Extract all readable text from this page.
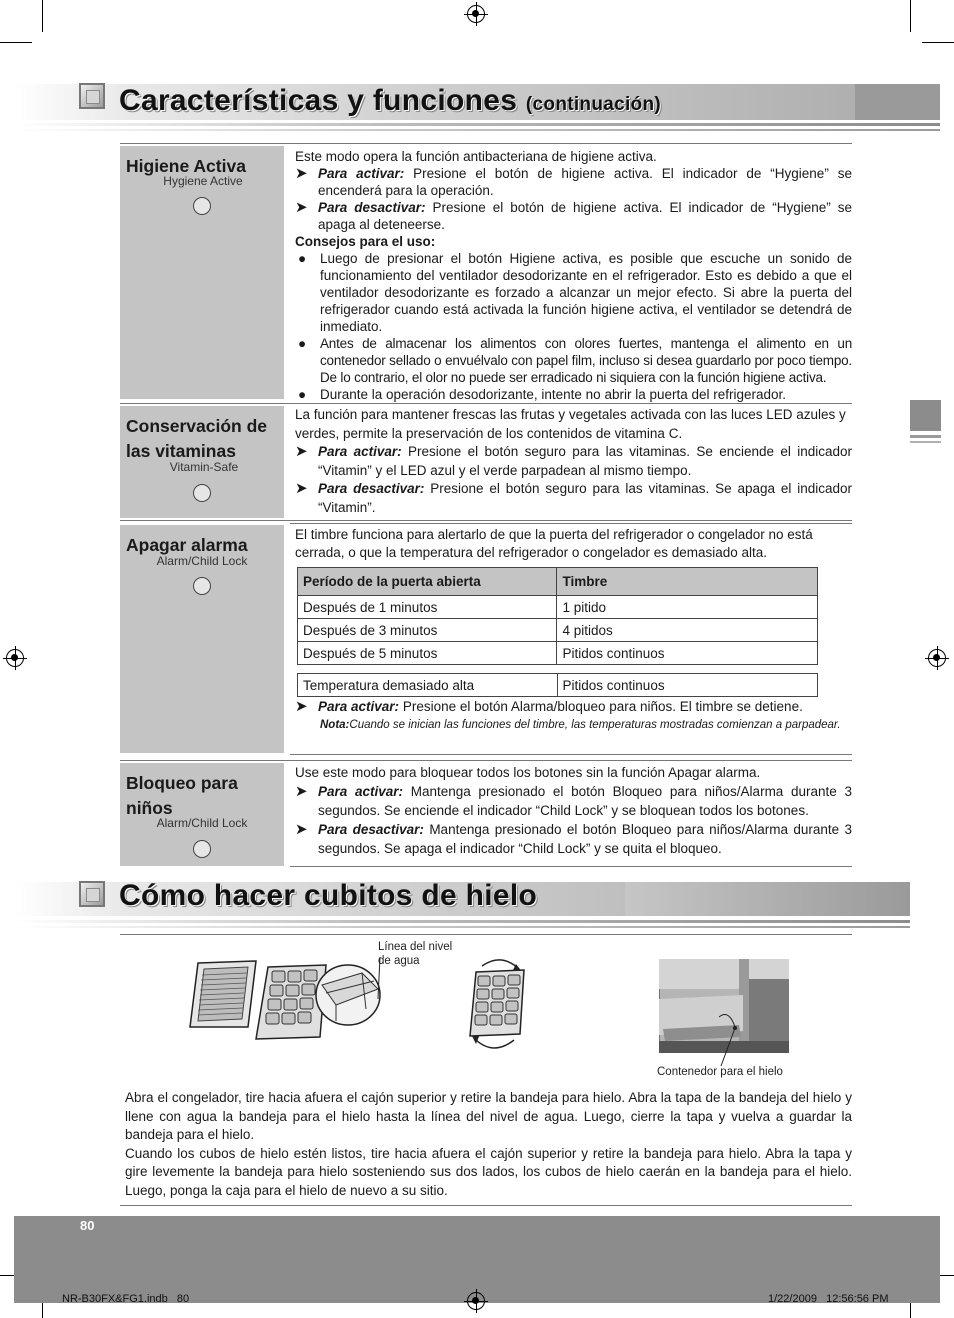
Características y funciones (continuación)
Higiene Activa
Hygiene Active

Este modo opera la función antibacteriana de higiene activa.

➤ Para activar: Presione el botón de higiene activa. El indicador de “Hygiene” se encenderá para la operación.

➤ Para desactivar: Presione el botón de higiene activa. El indicador de “Hygiene” se apaga al deteneerse.

Consejos para el uso:

● Luego de presionar el botón Higiene activa, es posible que escuche un sonido de funcionamiento del ventilador desodorizante en el refrigerador. Esto es debido a que el ventilador desodorizante es forzado a alcanzar un mejor efecto. Si abre la puerta del refrigerador cuando está activada la función higiene activa, el ventilador se detendrá de inmediato.

● Antes de almacenar los alimentos con olores fuertes, mantenga el alimento en un contenedor sellado o envuélvalo con papel film, incluso si desea guardarlo por poco tiempo. De lo contrario, el olor no puede ser erradicado ni siquiera con la función higiene activa.

● Durante la operación desodorizante, intente no abrir la puerta del refrigerador.

Conservación de las vitaminas
Vitamin-Safe

La función para mantener frescas las frutas y vegetales activada con las luces LED azules y verdes, permite la preservación de los contenidos de vitamina C.

➤ Para activar: Presione el botón seguro para las vitaminas. Se enciende el indicador “Vitamin” y el LED azul y el verde parpadean al mismo tiempo.

➤ Para desactivar: Presione el botón seguro para las vitaminas. Se apaga el indicador “Vitamin”.

Apagar alarma
Alarm/Child Lock

El timbre funciona para alertarlo de que la puerta del refrigerador o congelador no está cerrada, o que la temperatura del refrigerador o congelador es demasiado alta.

Período de la puerta abierta	Timbre
Después de 1 minutos	1 pitido
Después de 3 minutos	4 pitidos
Después de 5 minutos	Pitidos continuos
Temperatura demasiado alta	Pitidos continuos

➤ Para activar: Presione el botón Alarma/bloqueo para niños. El timbre se detiene.

Nota:Cuando se inician las funciones del timbre, las temperaturas mostradas comienzan a parpadear.

Bloqueo para niños
Alarm/Child Lock

Use este modo para bloquear todos los botones sin la función Apagar alarma.

➤ Para activar: Mantenga presionado el botón Bloqueo para niños/Alarma durante 3 segundos. Se enciende el indicador “Child Lock” y se bloquean todos los botones.

➤ Para desactivar: Mantenga presionado el botón Bloqueo para niños/Alarma durante 3 segundos. Se apaga el indicador “Child Lock” y se quita el bloqueo.

Cómo hacer cubitos de hielo
Línea del nivel de agua
Contenedor para el hielo

Abra el congelador, tire hacia afuera el cajón superior y retire la bandeja para hielo. Abra la tapa de la bandeja del hielo y llene con agua la bandeja para el hielo hasta la línea del nivel de agua. Luego, cierre la tapa y vuelva a guardar la bandeja para el hielo.

Cuando los cubos de hielo estén listos, tire hacia afuera el cajón superior y retire la bandeja para hielo. Abra la tapa y gire levemente la bandeja para hielo sosteniendo sus dos lados, los cubos de hielo caerán en la bandeja para el hielo. Luego, ponga la caja para el hielo de nuevo a su sitio.

80
NR-B30FX&FG1.indb   80	1/22/2009   12:56:56 PM
